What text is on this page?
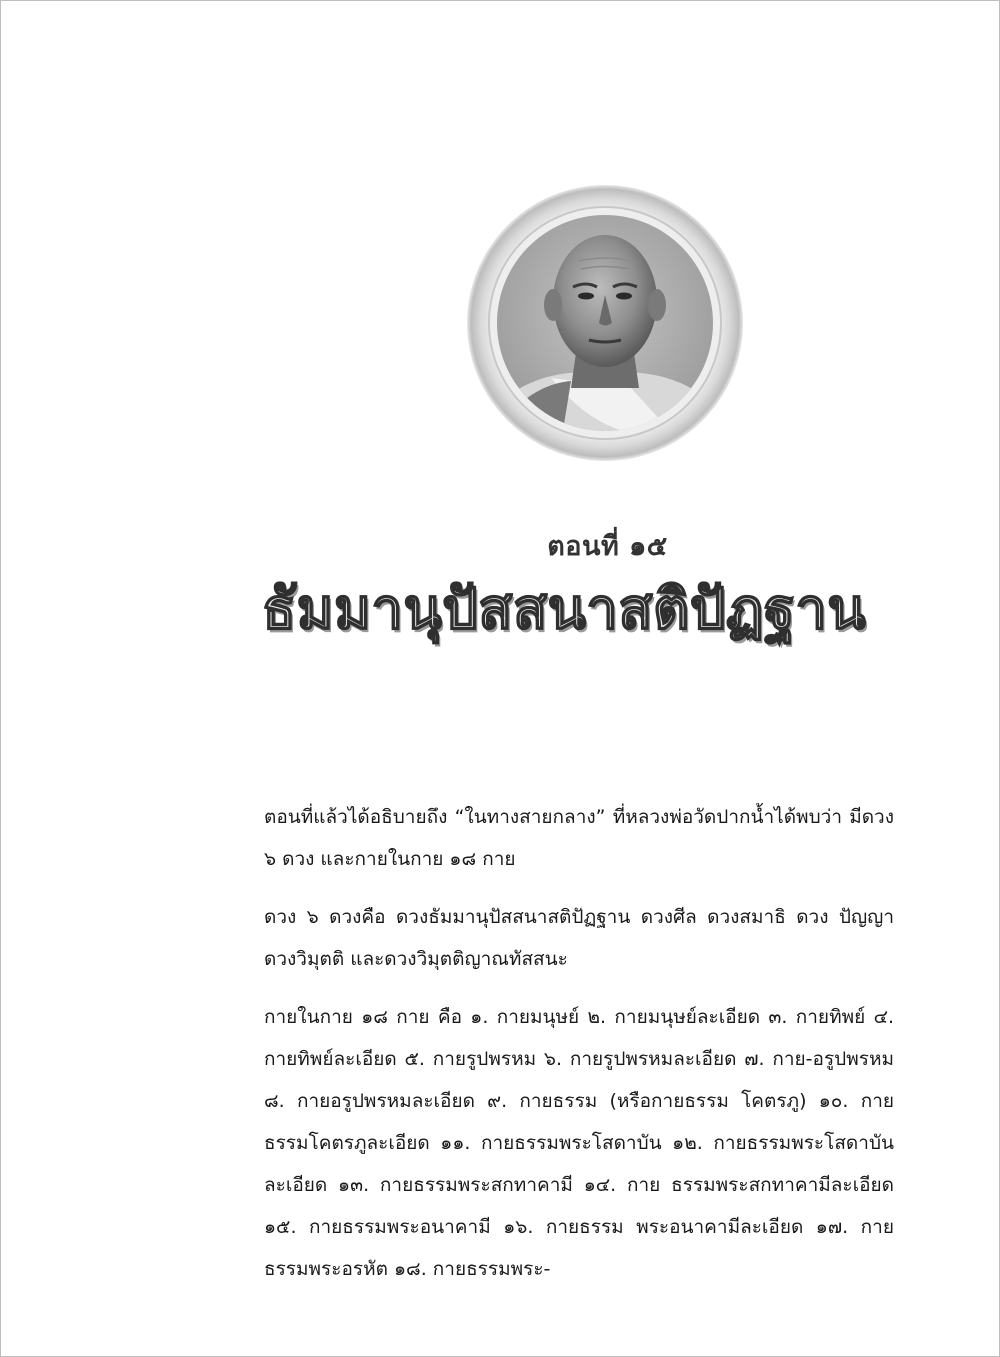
ตอนที่ ๑๕
ธัมมานุปัสสนาสติปัฏฐาน

ตอนที่แล้วได้อธิบายถึง “ในทางสายกลาง” ที่หลวงพ่อวัดปากน้ำได้พบว่า มีดวง ๖ ดวง และกายในกาย ๑๘ กาย

ดวง ๖ ดวงคือ ดวงธัมมานุปัสสนาสติปัฏฐาน ดวงศีล ดวงสมาธิ ดวง ปัญญา ดวงวิมุตติ และดวงวิมุตติญาณทัสสนะ

กายในกาย ๑๘ กาย คือ ๑. กายมนุษย์ ๒. กายมนุษย์ละเอียด ๓. กายทิพย์ ๔. กายทิพย์ละเอียด ๕. กายรูปพรหม ๖. กายรูปพรหมละเอียด ๗. กาย-อรูปพรหม ๘. กายอรูปพรหมละเอียด ๙. กายธรรม (หรือกายธรรม โคตรภู) ๑๐. กายธรรมโคตรภูละเอียด ๑๑. กายธรรมพระโสดาบัน ๑๒. กายธรรมพระโสดาบันละเอียด ๑๓. กายธรรมพระสกทาคามี ๑๔. กาย ธรรมพระสกทาคามีละเอียด ๑๕. กายธรรมพระอนาคามี ๑๖. กายธรรม พระอนาคามีละเอียด ๑๗. กายธรรมพระอรหัต ๑๘. กายธรรมพระ-
